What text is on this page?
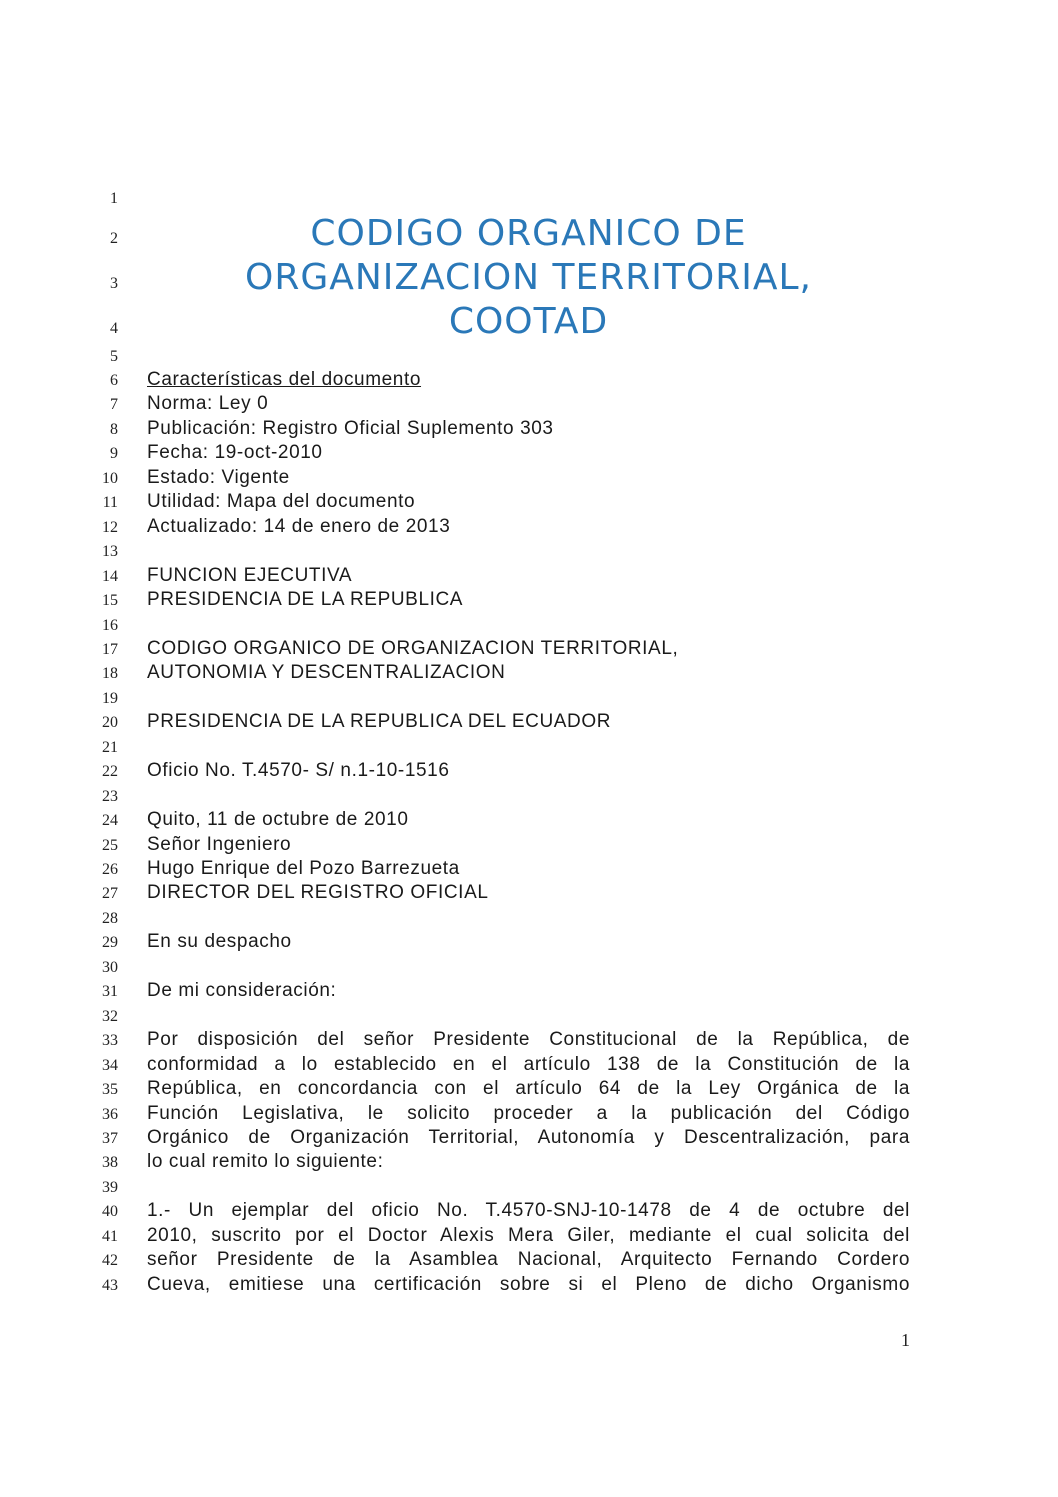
1
1
2	CODIGO ORGANICO DE
3	ORGANIZACION TERRITORIAL,
4	COOTAD
5
6 Características del documento
7 Norma: Ley 0
8 Publicación: Registro Oficial Suplemento 303
9 Fecha: 19-oct-2010
10 Estado: Vigente
11 Utilidad: Mapa del documento
12 Actualizado: 14 de enero de 2013
13
14 FUNCION EJECUTIVA
15 PRESIDENCIA DE LA REPUBLICA
16
17 CODIGO ORGANICO DE ORGANIZACION TERRITORIAL,
18 AUTONOMIA Y DESCENTRALIZACION
19
20 PRESIDENCIA DE LA REPUBLICA DEL ECUADOR
21
22 Oficio No. T.4570- S/ n.1-10-1516
23
24 Quito, 11 de octubre de 2010
25 Señor Ingeniero
26 Hugo Enrique del Pozo Barrezueta
27 DIRECTOR DEL REGISTRO OFICIAL
28
29 En su despacho
30
31 De mi consideración:
32
33 Por disposición del señor Presidente Constitucional de la República, de
34 conformidad a lo establecido en el artículo 138 de la Constitución de la
35 República, en concordancia con el artículo 64 de la Ley Orgánica de la
36 Función Legislativa, le solicito proceder a la publicación del Código
37 Orgánico de Organización Territorial, Autonomía y Descentralización, para
38 lo cual remito lo siguiente:
39
40 1.- Un ejemplar del oficio No. T.4570-SNJ-10-1478 de 4 de octubre del
41 2010, suscrito por el Doctor Alexis Mera Giler, mediante el cual solicita del
42 señor Presidente de la Asamblea Nacional, Arquitecto Fernando Cordero
43 Cueva, emitiese una certificación sobre si el Pleno de dicho Organismo
